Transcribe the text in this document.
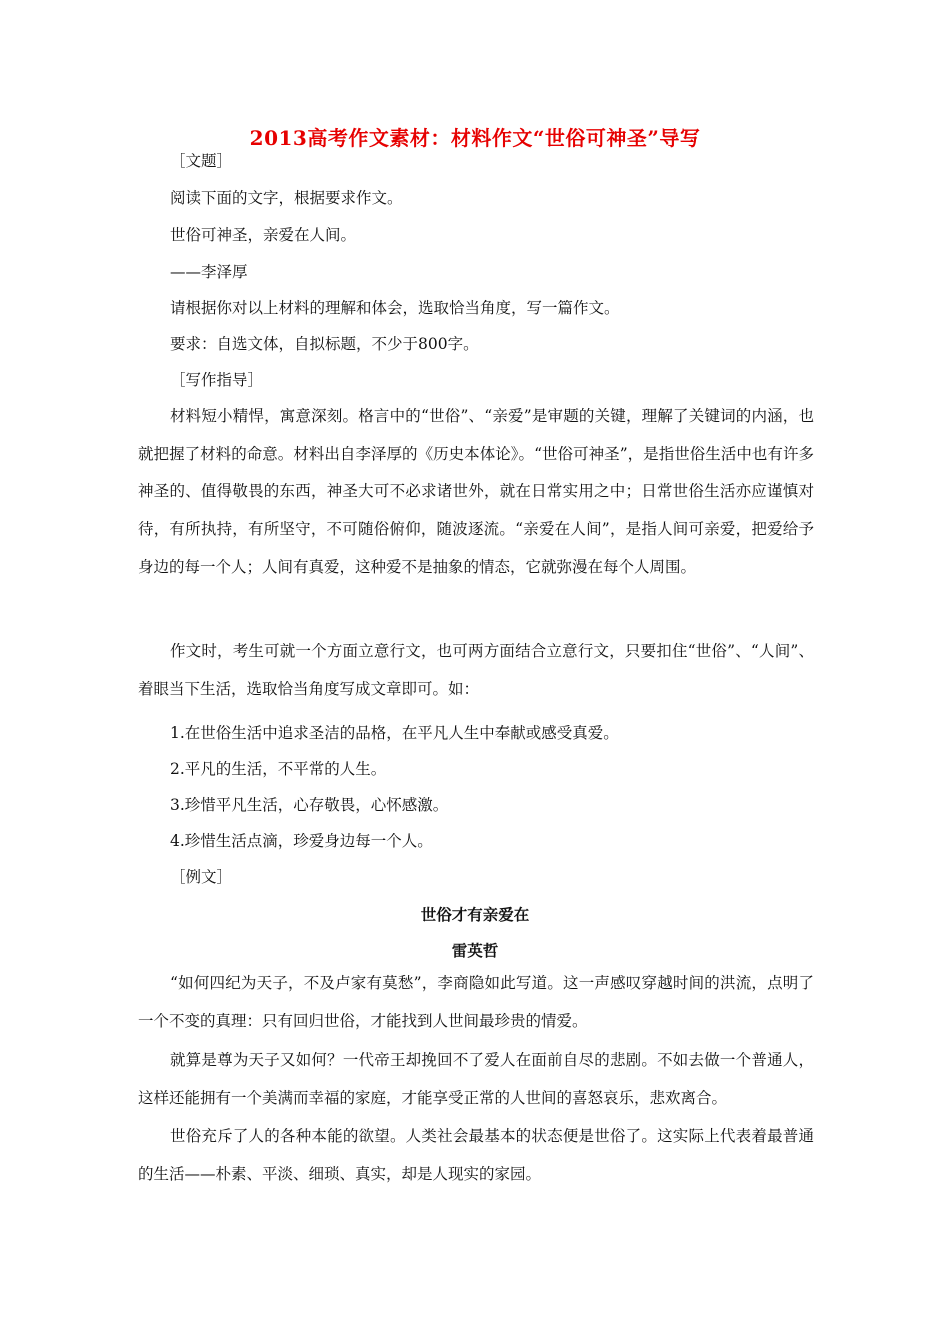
2013高考作文素材：材料作文“世俗可神圣”导写
［文题］
阅读下面的文字，根据要求作文。
世俗可神圣，亲爱在人间。
——李泽厚
请根据你对以上材料的理解和体会，选取恰当角度，写一篇作文。
要求：自选文体，自拟标题，不少于800字。
［写作指导］
材料短小精悍，寓意深刻。格言中的“世俗”、“亲爱”是审题的关键，理解了关键词的内涵，也就把握了材料的命意。材料出自李泽厚的《历史本体论》。“世俗可神圣”，是指世俗生活中也有许多神圣的、值得敬畏的东西，神圣大可不必求诸世外，就在日常实用之中；日常世俗生活亦应谨慎对待，有所执持，有所坚守，不可随俗俯仰，随波逐流。“亲爱在人间”，是指人间可亲爱，把爱给予身边的每一个人；人间有真爱，这种爱不是抽象的情态，它就弥漫在每个人周围。
作文时，考生可就一个方面立意行文，也可两方面结合立意行文，只要扣住“世俗”、“人间”、着眼当下生活，选取恰当角度写成文章即可。如：
1.在世俗生活中追求圣洁的品格，在平凡人生中奉献或感受真爱。
2.平凡的生活，不平常的人生。
3.珍惜平凡生活，心存敬畏，心怀感激。
4.珍惜生活点滴，珍爱身边每一个人。
［例文］
世俗才有亲爱在
雷英哲
“如何四纪为天子，不及卢家有莫愁”，李商隐如此写道。这一声感叹穿越时间的洪流，点明了一个不变的真理：只有回归世俗，才能找到人世间最珍贵的情爱。
就算是尊为天子又如何？一代帝王却挽回不了爱人在面前自尽的悲剧。不如去做一个普通人，这样还能拥有一个美满而幸福的家庭，才能享受正常的人世间的喜怒哀乐，悲欢离合。
世俗充斥了人的各种本能的欲望。人类社会最基本的状态便是世俗了。这实际上代表着最普通的生活——朴素、平淡、细琐、真实，却是人现实的家园。
